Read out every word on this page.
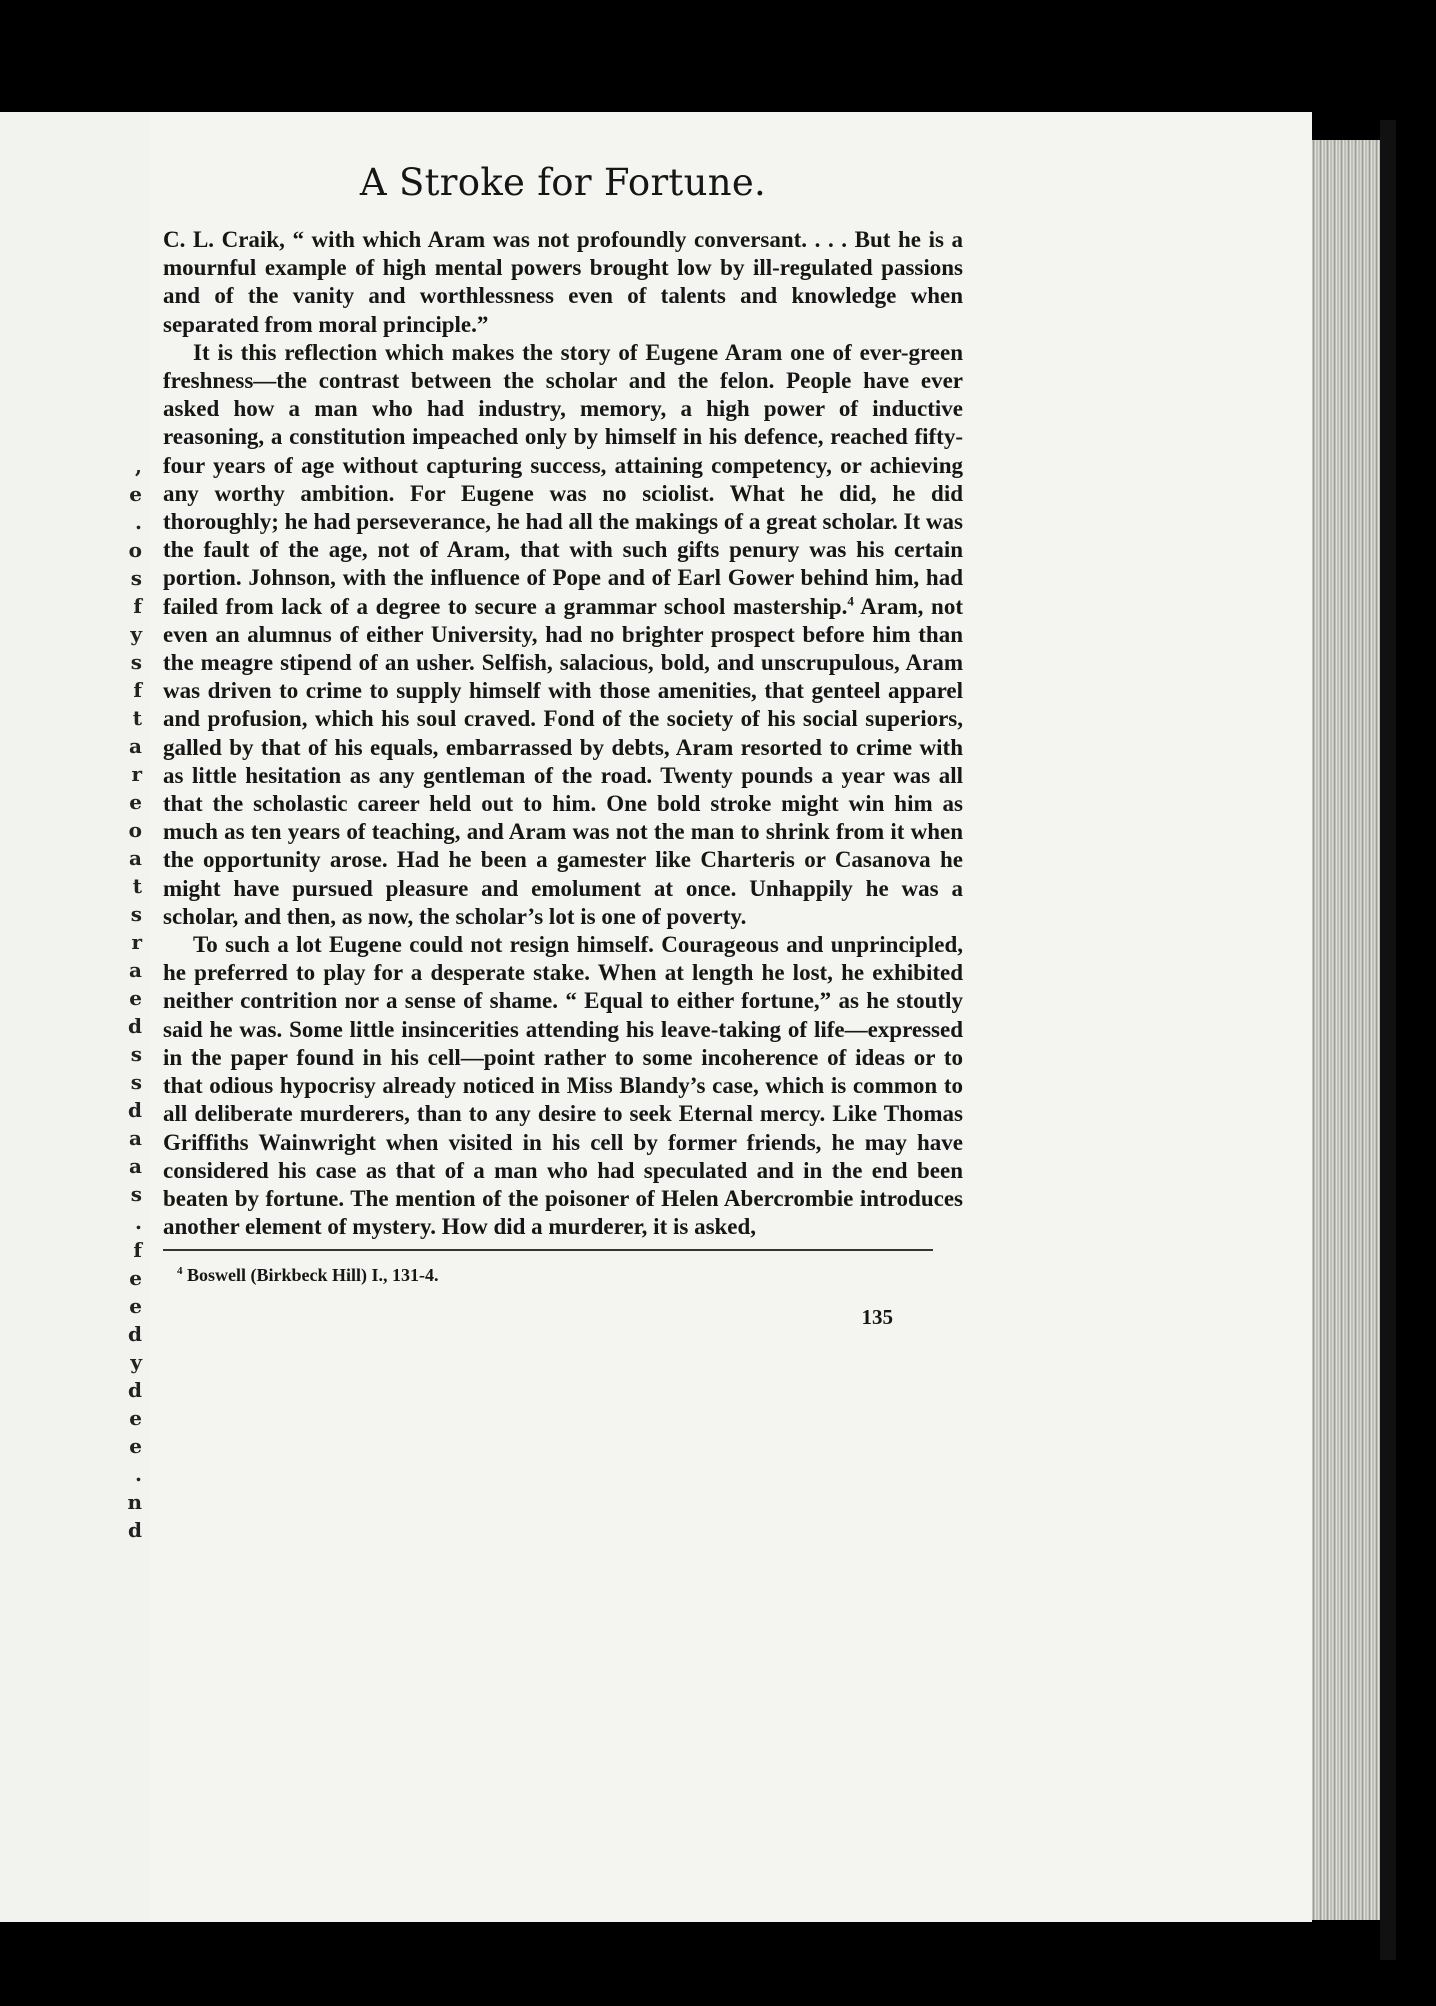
,
e
.
o
s
f
y
s
f
t
a
r
e
o
a
t
s
r
a
e
d
s
s
d
a
a
s
.
f
e
e
d
y
d
e
e
.
n
d
A Stroke for Fortune.

C. L. Craik, “ with which Aram was not profoundly conversant. . . . But he is a mournful example of high mental powers brought low by ill-regulated passions and of the vanity and worthlessness even of talents and knowledge when separated from moral principle.”

It is this reflection which makes the story of Eugene Aram one of ever-green freshness—the contrast between the scholar and the felon. People have ever asked how a man who had industry, memory, a high power of inductive reasoning, a constitution impeached only by himself in his defence, reached fifty-four years of age without capturing success, attaining competency, or achieving any worthy ambition. For Eugene was no sciolist. What he did, he did thoroughly; he had perseverance, he had all the makings of a great scholar. It was the fault of the age, not of Aram, that with such gifts penury was his certain portion. Johnson, with the influence of Pope and of Earl Gower behind him, had failed from lack of a degree to secure a grammar school mastership.$^4$ Aram, not even an alumnus of either University, had no brighter prospect before him than the meagre stipend of an usher. Selfish, salacious, bold, and unscrupulous, Aram was driven to crime to supply himself with those amenities, that genteel apparel and profusion, which his soul craved. Fond of the society of his social superiors, galled by that of his equals, embarrassed by debts, Aram resorted to crime with as little hesitation as any gentleman of the road. Twenty pounds a year was all that the scholastic career held out to him. One bold stroke might win him as much as ten years of teaching, and Aram was not the man to shrink from it when the opportunity arose. Had he been a gamester like Charteris or Casanova he might have pursued pleasure and emolument at once. Unhappily he was a scholar, and then, as now, the scholar’s lot is one of poverty.

To such a lot Eugene could not resign himself. Courageous and unprincipled, he preferred to play for a desperate stake. When at length he lost, he exhibited neither contrition nor a sense of shame. “ Equal to either fortune,” as he stoutly said he was. Some little insincerities attending his leave-taking of life—expressed in the paper found in his cell—point rather to some incoherence of ideas or to that odious hypocrisy already noticed in Miss Blandy’s case, which is common to all deliberate murderers, than to any desire to seek Eternal mercy. Like Thomas Griffiths Wainwright when visited in his cell by former friends, he may have considered his case as that of a man who had speculated and in the end been beaten by fortune. The mention of the poisoner of Helen Abercrombie introduces another element of mystery. How did a murderer, it is asked,

$^4$ Boswell (Birkbeck Hill) I., 131-4.
135
